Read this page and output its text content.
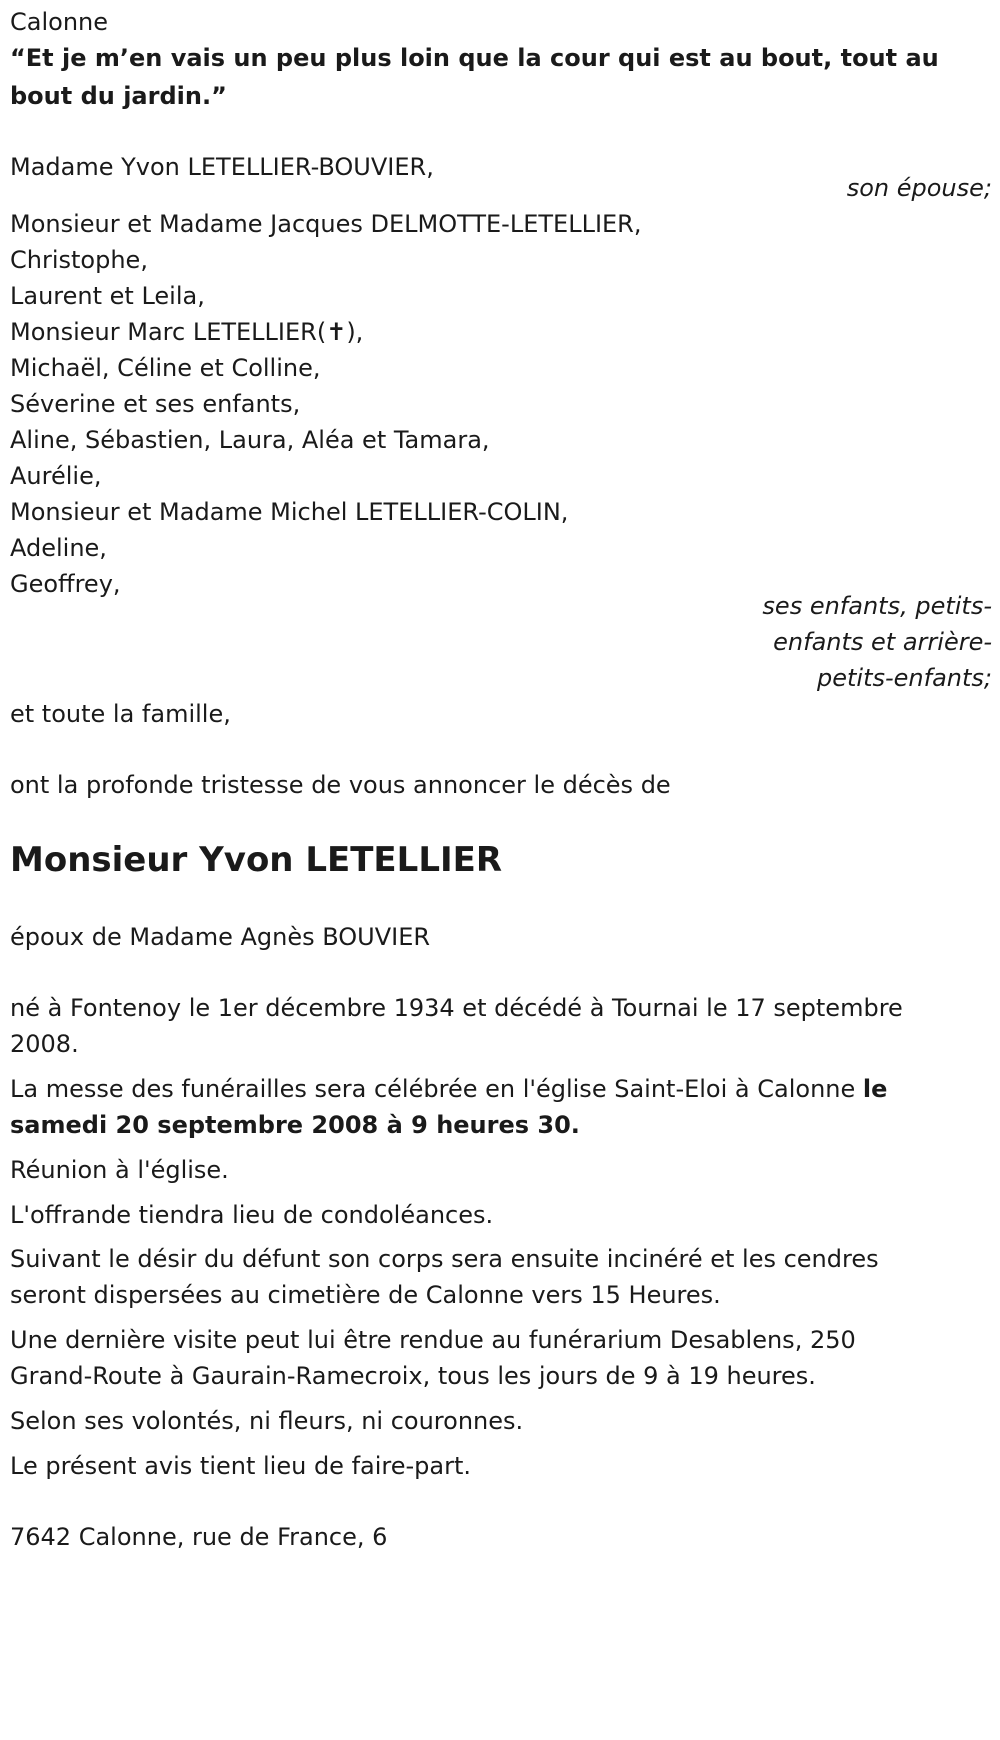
Calonne
“Et je m’en vais un peu plus loin que la cour qui est au bout, tout au
bout du jardin.”
Madame Yvon LETELLIER-BOUVIER,
son épouse;
Monsieur et Madame Jacques DELMOTTE-LETELLIER,
Christophe,
Laurent et Leila,
Monsieur Marc LETELLIER(✝),
Michaël, Céline et Colline,
Séverine et ses enfants,
Aline, Sébastien, Laura, Aléa et Tamara,
Aurélie,
Monsieur et Madame Michel LETELLIER-COLIN,
Adeline,
Geoffrey,
ses enfants, petits-
enfants et arrière-
petits-enfants;
et toute la famille,
ont la profonde tristesse de vous annoncer le décès de
Monsieur Yvon LETELLIER
époux de Madame Agnès BOUVIER
né à Fontenoy le 1er décembre 1934 et décédé à Tournai le 17 septembre
2008.
La messe des funérailles sera célébrée en l'église Saint-Eloi à Calonne le
samedi 20 septembre 2008 à 9 heures 30.
Réunion à l'église.
L'offrande tiendra lieu de condoléances.
Suivant le désir du défunt son corps sera ensuite incinéré et les cendres
seront dispersées au cimetière de Calonne vers 15 Heures.
Une dernière visite peut lui être rendue au funérarium Desablens, 250
Grand-Route à Gaurain-Ramecroix, tous les jours de 9 à 19 heures.
Selon ses volontés, ni fleurs, ni couronnes.
Le présent avis tient lieu de faire-part.
7642 Calonne, rue de France, 6
